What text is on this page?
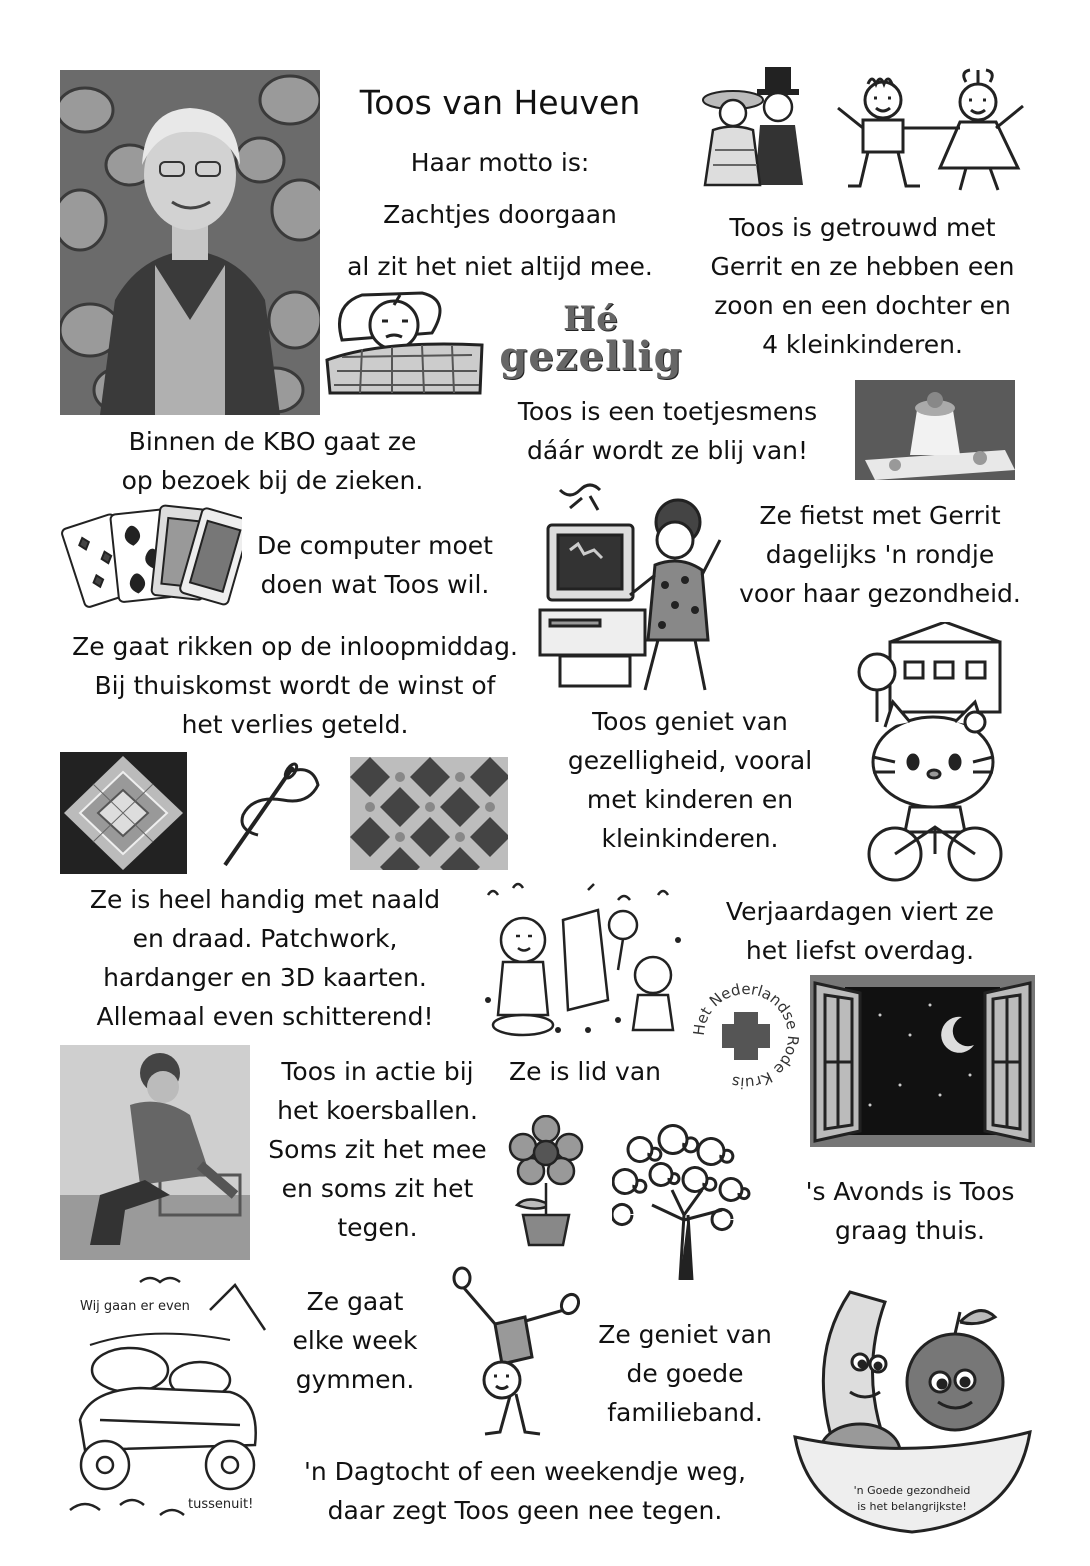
Toos van Heuven
Haar motto is:
Zachtjes doorgaan
al zit het niet altijd mee.
Toos is getrouwd met
Gerrit en ze hebben een
zoon en een dochter en
4 kleinkinderen.
Hé
gezellig
Toos is een toetjesmens
dáár wordt ze blij van!
Binnen de KBO gaat ze
op bezoek bij de zieken.
De computer moet
doen wat Toos wil.
Ze fietst met Gerrit
dagelijks 'n rondje
voor haar gezondheid.
Ze gaat rikken op de inloopmiddag.
Bij thuiskomst wordt de winst of
het verlies geteld.	Toos geniet van
gezelligheid, vooral
met kinderen en
kleinkinderen.
Ze is heel handig met naald
en draad. Patchwork,
hardanger en 3D kaarten.
Allemaal even schitterend!
Verjaardagen viert ze
het liefst overdag.
Het Nederlandse Rode Kruis
Toos in actie bij
het koersballen.
Soms zit het mee
en soms zit het
tegen.
Ze is lid van
's Avonds is Toos
graag thuis.
Wij gaan er even
tussenuit!
Ze gaat
elke week
gymmen.
Ze geniet van
de goede
familieband.
'n Goede gezondheid
is het belangrijkste!
'n Dagtocht of een weekendje weg,
daar zegt Toos geen nee tegen.
